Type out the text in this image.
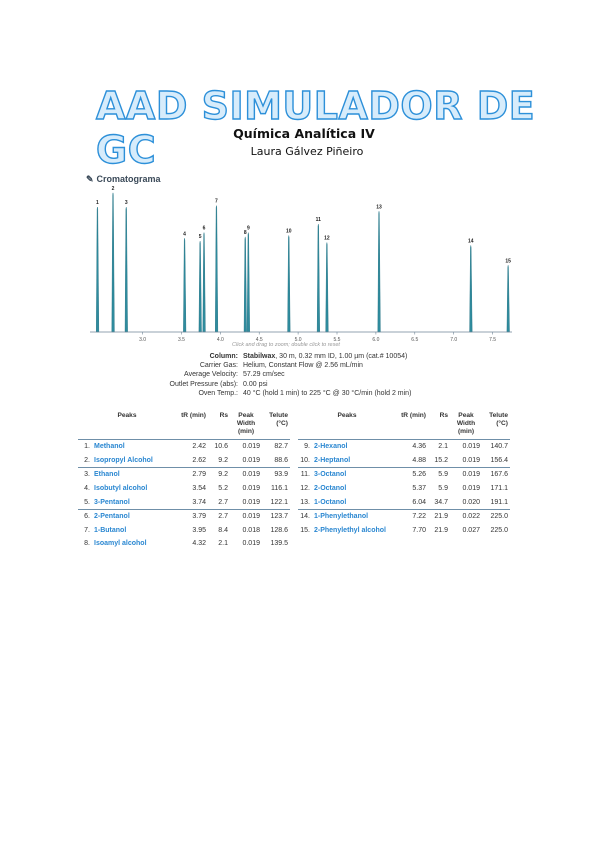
AAD SIMULADOR DE GC	Química Analítica IV
Laura Gálvez Piñeiro
✎ Cromatograma
1
2
3
4	5
6
7
8
9	10
11
12
13
14
15
3.0	3.5	4.0	4.5	5.0	5.5	6.0	6.5	7.0	7.5
Click and drag to zoom; double click to reset
Column: Stabilwax, 30 m, 0.32 mm ID, 1.00 µm (cat.# 10054)
Carrier Gas: Helium, Constant Flow @ 2.56 mL/min
Average Velocity: 57.29 cm/sec
Outlet Pressure (abs): 0.00 psi
Oven Temp.: 40 °C (hold 1 min) to 225 °C @ 30 °C/min (hold 2 min)
Peaks		tR (min)	Rs	Peak Width (min)	Telute (°C)
1.	Methanol	2.42	10.6	0.019	82.7
2.	Isopropyl Alcohol	2.62	9.2	0.019	88.6
3.	Ethanol	2.79	9.2	0.019	93.9
4.	Isobutyl alcohol	3.54	5.2	0.019	116.1
5.	3-Pentanol	3.74	2.7	0.019	122.1
6.	2-Pentanol	3.79	2.7	0.019	123.7
7.	1-Butanol	3.95	8.4	0.018	128.6
8.	Isoamyl alcohol	4.32	2.1	0.019	139.5
Peaks		tR (min)	Rs	Peak Width (min)	Telute (°C)
9.	2-Hexanol	4.36	2.1	0.019	140.7
10.	2-Heptanol	4.88	15.2	0.019	156.4
11.	3-Octanol	5.26	5.9	0.019	167.6
12.	2-Octanol	5.37	5.9	0.019	171.1
13.	1-Octanol	6.04	34.7	0.020	191.1
14.	1-Phenylethanol	7.22	21.9	0.022	225.0
15.	2-Phenylethyl alcohol	7.70	21.9	0.027	225.0
